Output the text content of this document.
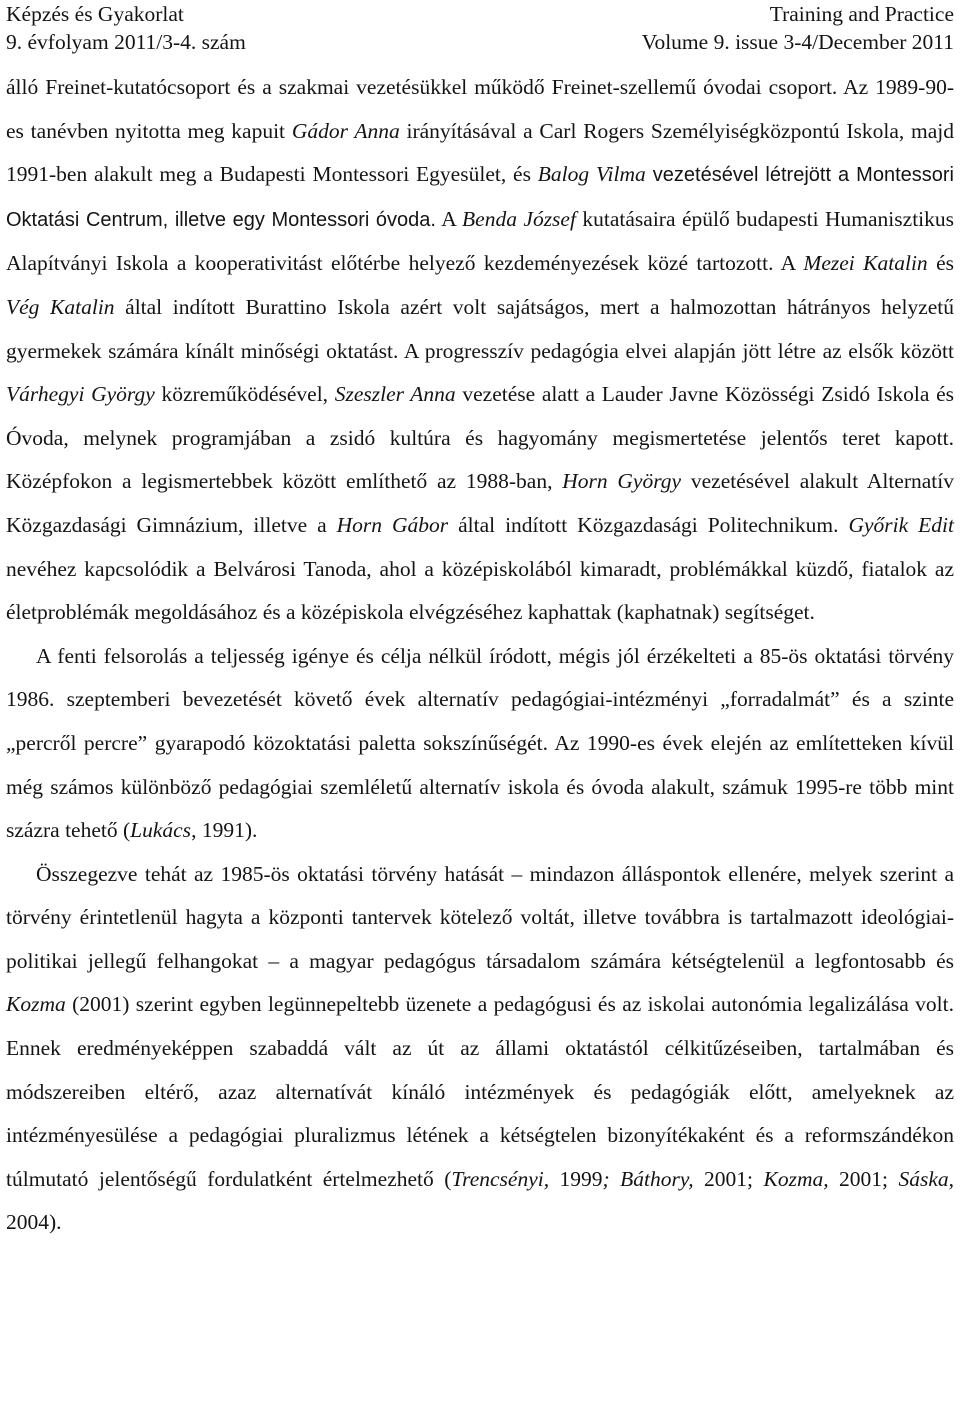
Képzés és Gyakorlat	Training and Practice
9. évfolyam 2011/3-4. szám	Volume 9. issue 3-4/December 2011

álló Freinet-kutatócsoport és a szakmai vezetésükkel működő Freinet-szellemű óvodai csoport. Az 1989-90-es tanévben nyitotta meg kapuit Gádor Anna irányításával a Carl Rogers Személyiségközpontú Iskola, majd 1991-ben alakult meg a Budapesti Montessori Egyesület, és Balog Vilma vezetésével létrejött a Montessori Oktatási Centrum, illetve egy Montessori óvoda. A Benda József kutatásaira épülő budapesti Humanisztikus Alapítványi Iskola a kooperativitást előtérbe helyező kezdeményezések közé tartozott. A Mezei Katalin és Vég Katalin által indított Burattino Iskola azért volt sajátságos, mert a halmozottan hátrányos helyzetű gyermekek számára kínált minőségi oktatást. A progresszív pedagógia elvei alapján jött létre az elsők között Várhegyi György közreműködésével, Szeszler Anna vezetése alatt a Lauder Javne Közösségi Zsidó Iskola és Óvoda, melynek programjában a zsidó kultúra és hagyomány megismertetése jelentős teret kapott. Középfokon a legismertebbek között említhető az 1988-ban, Horn György vezetésével alakult Alternatív Közgazdasági Gimnázium, illetve a Horn Gábor által indított Közgazdasági Politechnikum. Győrik Edit nevéhez kapcsolódik a Belvárosi Tanoda, ahol a középiskolából kimaradt, problémákkal küzdő, fiatalok az életproblémák megoldásához és a középiskola elvégzéséhez kaphattak (kaphatnak) segítséget.

A fenti felsorolás a teljesség igénye és célja nélkül íródott, mégis jól érzékelteti a 85-ös oktatási törvény 1986. szeptemberi bevezetését követő évek alternatív pedagógiai-intézményi „forradalmát” és a szinte „percről percre” gyarapodó közoktatási paletta sokszínűségét. Az 1990-es évek elején az említetteken kívül még számos különböző pedagógiai szemléletű alternatív iskola és óvoda alakult, számuk 1995-re több mint százra tehető (Lukács, 1991).

Összegezve tehát az 1985-ös oktatási törvény hatását – mindazon álláspontok ellenére, melyek szerint a törvény érintetlenül hagyta a központi tantervek kötelező voltát, illetve továbbra is tartalmazott ideológiai-politikai jellegű felhangokat – a magyar pedagógus társadalom számára kétségtelenül a legfontosabb és Kozma (2001) szerint egyben legünnepeltebb üzenete a pedagógusi és az iskolai autonómia legalizálása volt. Ennek eredményeképpen szabaddá vált az út az állami oktatástól célkitűzéseiben, tartalmában és módszereiben eltérő, azaz alternatívát kínáló intézmények és pedagógiák előtt, amelyeknek az intézményesülése a pedagógiai pluralizmus létének a kétségtelen bizonyítékaként és a reformszándékon túlmutató jelentőségű fordulatként értelmezhető (Trencsényi, 1999; Báthory, 2001; Kozma, 2001; Sáska, 2004).
